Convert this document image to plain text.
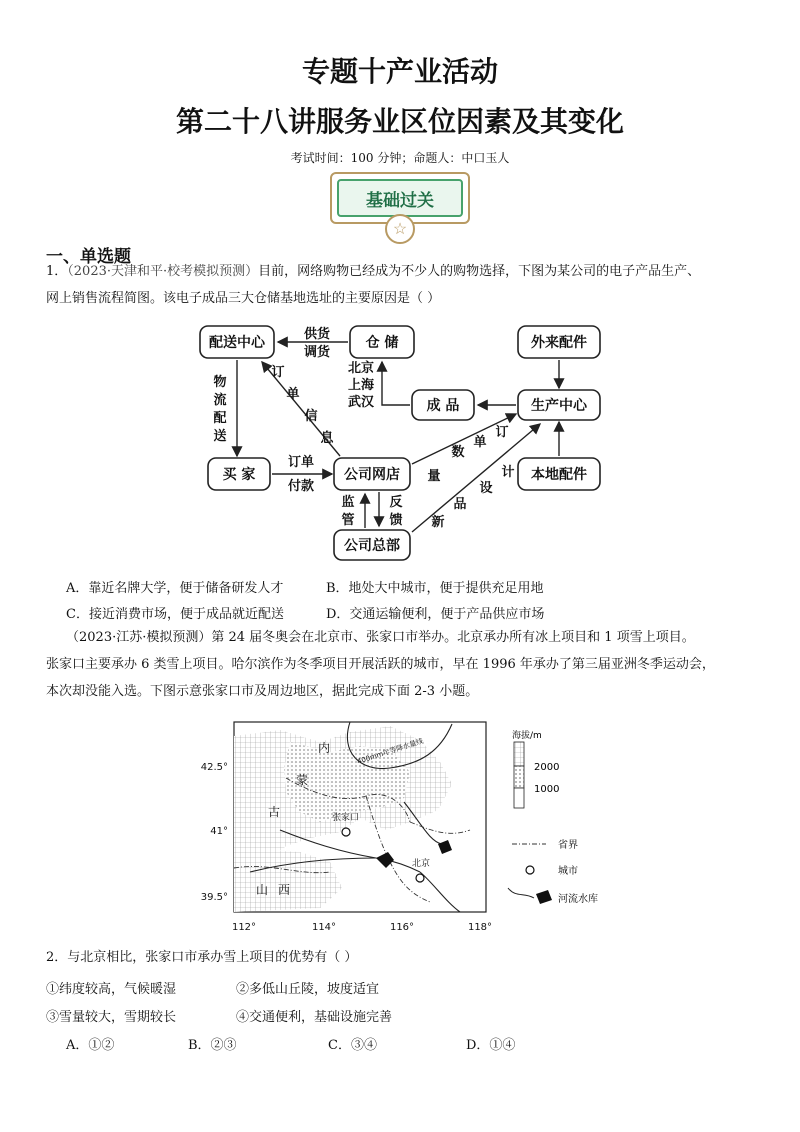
专题十产业活动
第二十八讲服务业区位因素及其变化
考试时间：100 分钟；命题人：中口玉人
基础过关
☆
一、单选题
1．（2023·天津和平·校考模拟预测）目前，网络购物已经成为不少人的购物选择，下图为某公司的电子产品生产、
网上销售流程简图。该电子成品三大仓储基地选址的主要原因是（ ）
配送中心	仓 储	外来配件
成 品	生产中心
买 家	公司网店	本地配件
公司总部
供货
调货
北京
上海
武汉
物
流
配
送
订
单
信
息
订单
付款
监
管
反
馈
订
单
数
量
设
计
新
品
A．靠近名牌大学，便于储备研发人才	B．地处大中城市，便于提供充足用地
C．接近消费市场，便于成品就近配送	D．交通运输便利，便于产品供应市场
（2023·江苏·模拟预测）第 24 届冬奥会在北京市、张家口市举办。北京承办所有冰上项目和 1 项雪上项目。
张家口主要承办 6 类雪上项目。哈尔滨作为冬季项目开展活跃的城市，早在 1996 年承办了第三届亚洲冬季运动会，
本次却没能入选。下图示意张家口市及周边地区，据此完成下面 2-3 小题。
张家口
北京
400mm年等降水量线
内
蒙
古
山 西
42.5°
41°
39.5°
112°	114°	116°	118°
海拔/m
2000
1000
省界
城市
河流水库
2．与北京相比，张家口市承办雪上项目的优势有（ ）
①纬度较高，气候暖湿	②多低山丘陵，坡度适宜
③雪量较大，雪期较长	④交通便利，基础设施完善
A．①②	B．②③	C．③④	D．①④
